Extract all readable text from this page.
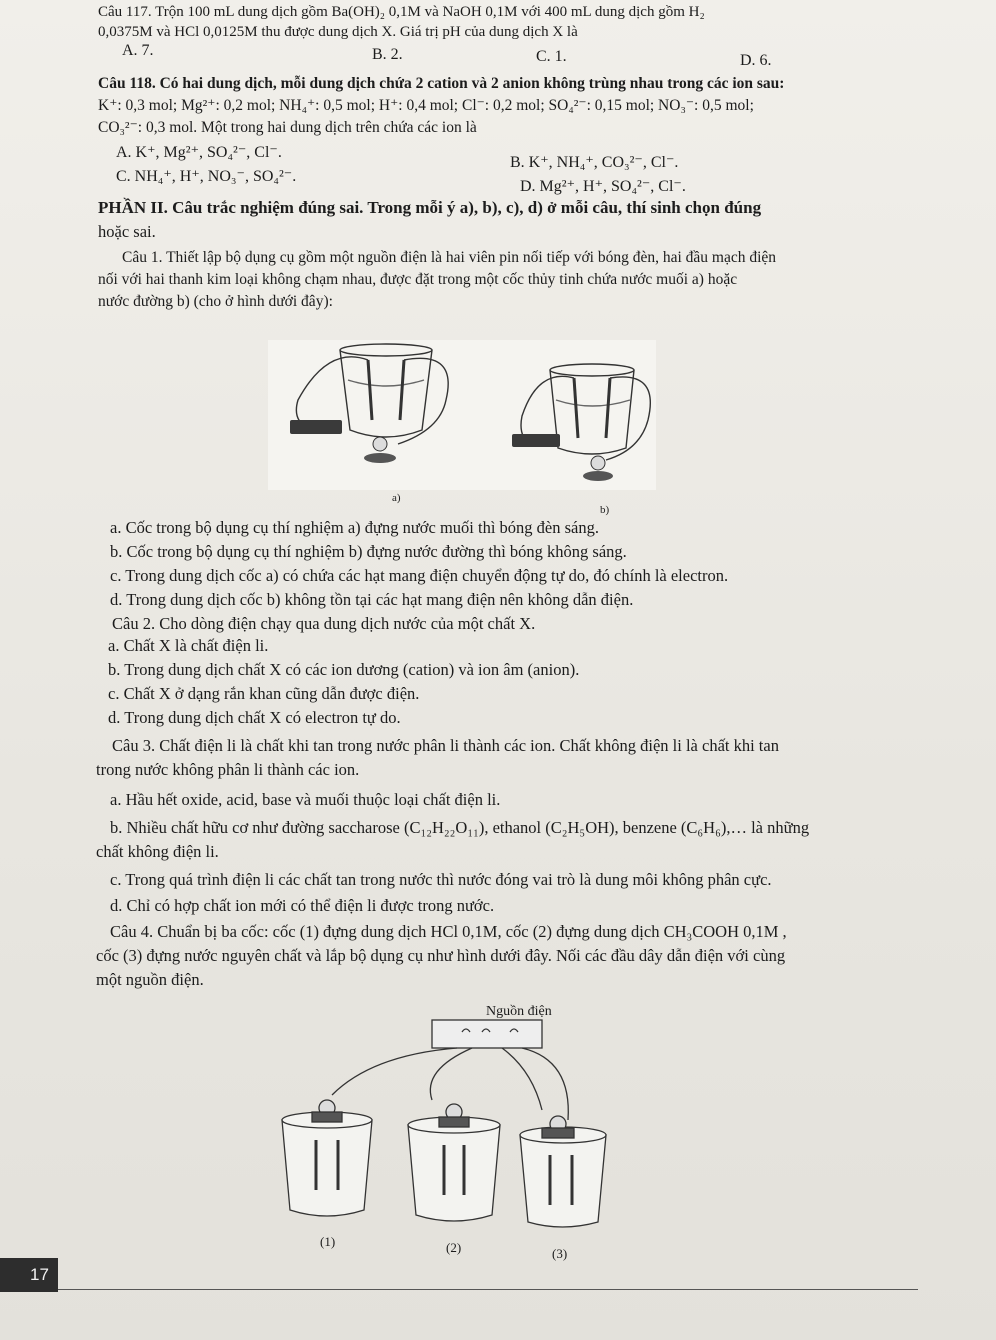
Câu 117. Trộn 100 mL dung dịch gồm Ba(OH)₂ 0,1M và NaOH 0,1M với 400 mL dung dịch gồm H₂
0,0375M và HCl 0,0125M thu được dung dịch X. Giá trị pH của dung dịch X là
A. 7.	B. 2.	C. 1.	D. 6.
Câu 118. Có hai dung dịch, mỗi dung dịch chứa 2 cation và 2 anion không trùng nhau trong các ion sau:
K⁺: 0,3 mol; Mg²⁺: 0,2 mol; NH₄⁺: 0,5 mol; H⁺: 0,4 mol; Cl⁻: 0,2 mol; SO₄²⁻: 0,15 mol; NO₃⁻: 0,5 mol;
CO₃²⁻: 0,3 mol. Một trong hai dung dịch trên chứa các ion là
A. K⁺, Mg²⁺, SO₄²⁻, Cl⁻.
B. K⁺, NH₄⁺, CO₃²⁻, Cl⁻.
C. NH₄⁺, H⁺, NO₃⁻, SO₄²⁻.
D. Mg²⁺, H⁺, SO₄²⁻, Cl⁻.
PHẦN II. Câu trắc nghiệm đúng sai. Trong mỗi ý a), b), c), d) ở mỗi câu, thí sinh chọn đúng
hoặc sai.
Câu 1. Thiết lập bộ dụng cụ gồm một nguồn điện là hai viên pin nối tiếp với bóng đèn, hai đầu mạch điện
nối với hai thanh kim loại không chạm nhau, được đặt trong một cốc thủy tinh chứa nước muối a) hoặc
nước đường b) (cho ở hình dưới đây):
a)
b)
a. Cốc trong bộ dụng cụ thí nghiệm a) đựng nước muối thì bóng đèn sáng.
b. Cốc trong bộ dụng cụ thí nghiệm b) đựng nước đường thì bóng không sáng.
c. Trong dung dịch cốc a) có chứa các hạt mang điện chuyển động tự do, đó chính là electron.
d. Trong dung dịch cốc b) không tồn tại các hạt mang điện nên không dẫn điện.
Câu 2. Cho dòng điện chạy qua dung dịch nước của một chất X.
a. Chất X là chất điện li.
b. Trong dung dịch chất X có các ion dương (cation) và ion âm (anion).
c. Chất X ở dạng rắn khan cũng dẫn được điện.
d. Trong dung dịch chất X có electron tự do.
Câu 3. Chất điện li là chất khi tan trong nước phân li thành các ion. Chất không điện li là chất khi tan
trong nước không phân li thành các ion.
a. Hầu hết oxide, acid, base và muối thuộc loại chất điện li.
b. Nhiều chất hữu cơ như đường saccharose (C₁₂H₂₂O₁₁), ethanol (C₂H₅OH), benzene (C₆H₆),… là những
chất không điện li.
c. Trong quá trình điện li các chất tan trong nước thì nước đóng vai trò là dung môi không phân cực.
d. Chỉ có hợp chất ion mới có thể điện li được trong nước.
Câu 4. Chuẩn bị ba cốc: cốc (1) đựng dung dịch HCl 0,1M, cốc (2) đựng dung dịch CH₃COOH 0,1M ,
cốc (3) đựng nước nguyên chất và lắp bộ dụng cụ như hình dưới đây. Nối các đầu dây dẫn điện với cùng
một nguồn điện.
Nguồn điện
(1)	(2)	(3)
17
